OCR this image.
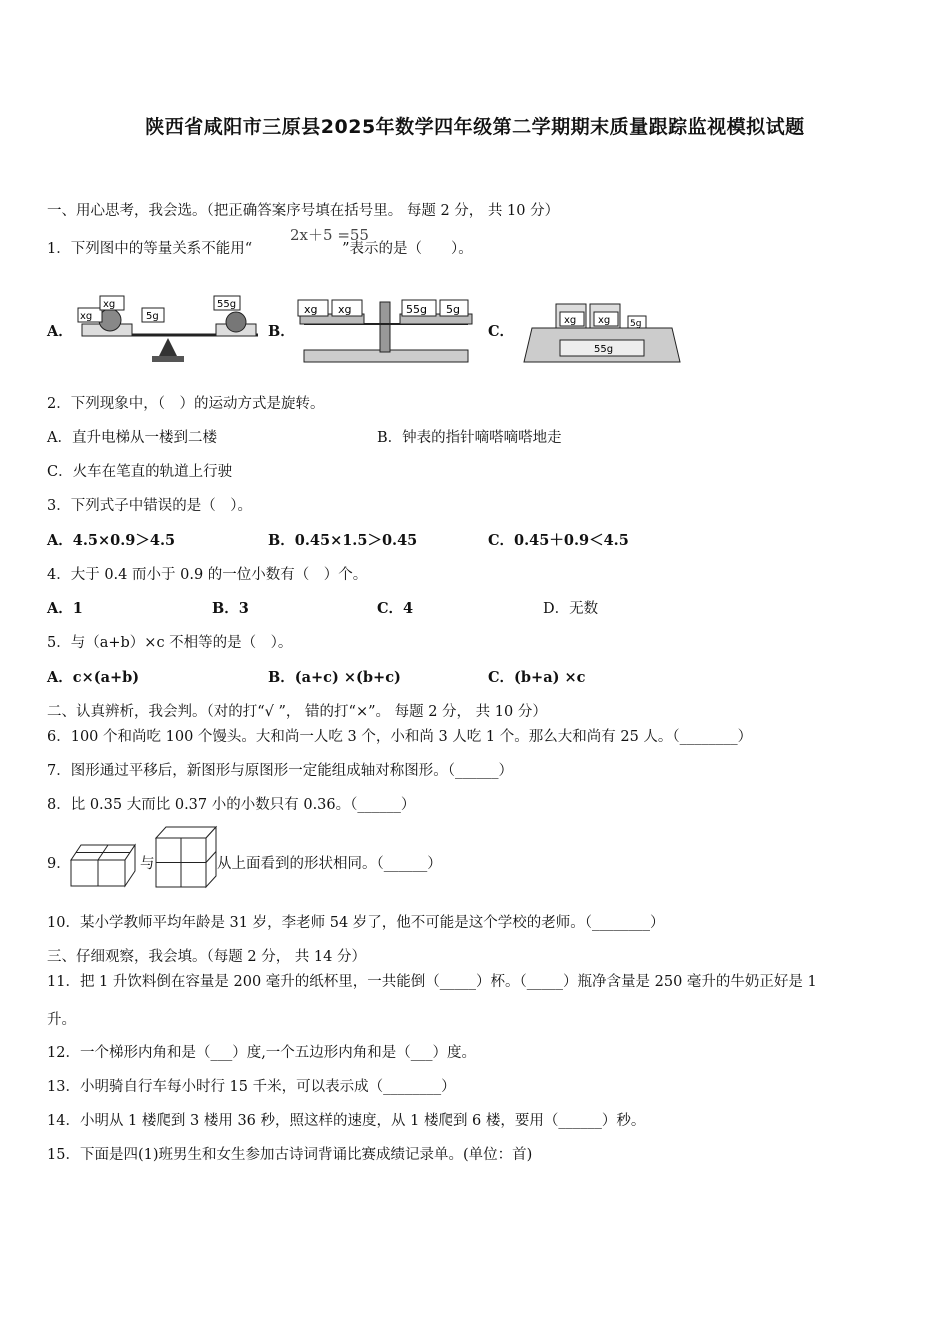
陕西省咸阳市三原县2025年数学四年级第二学期期末质量跟踪监视模拟试题
一、用心思考，我会选。（把正确答案序号填在括号里。 每题 2 分， 共 10 分）
1．下列图中的等量关系不能用“	”表示的是（　　）。
2x＋5 =55
A．	B．	C．
xg
xg
5g
55g	xg xg	55g 5g
55g
xg xg 5g
2．下列现象中，（　）的运动方式是旋转。
A．直升电梯从一楼到二楼	B．钟表的指针嘀嗒嘀嗒地走
C．火车在笔直的轨道上行驶
3．下列式子中错误的是（　）。
A．4.5×0.9＞4.5	B．0.45×1.5＞0.45	C．0.45＋0.9＜4.5
4．大于 0.4 而小于 0.9 的一位小数有（　）个。
A．1	B．3	C．4	D．无数
5．与（a+b）×c 不相等的是（　）。
A．c×(a+b)	B．(a+c) ×(b+c)	C．(b+a) ×c
二、认真辨析，我会判。（对的打“√ ”， 错的打“×”。 每题 2 分， 共 10 分）
6．100 个和尚吃 100 个馒头。大和尚一人吃 3 个，小和尚 3 人吃 1 个。那么大和尚有 25 人。（________）
7．图形通过平移后，新图形与原图形一定能组成轴对称图形。（______）
8．比 0.35 大而比 0.37 小的小数只有 0.36。（______）
9．	与	从上面看到的形状相同。（______）
10．某小学教师平均年龄是 31 岁，李老师 54 岁了，他不可能是这个学校的老师。（________）
三、仔细观察，我会填。（每题 2 分， 共 14 分）
11．把 1 升饮料倒在容量是 200 毫升的纸杯里，一共能倒（_____）杯。（_____）瓶净含量是 250 毫升的牛奶正好是 1
升。
12．一个梯形内角和是（___）度,一个五边形内角和是（___）度。
13．小明骑自行车每小时行 15 千米，可以表示成（________）
14．小明从 1 楼爬到 3 楼用 36 秒，照这样的速度，从 1 楼爬到 6 楼，要用（______）秒。
15．下面是四(1)班男生和女生参加古诗词背诵比赛成绩记录单。(单位：首)
